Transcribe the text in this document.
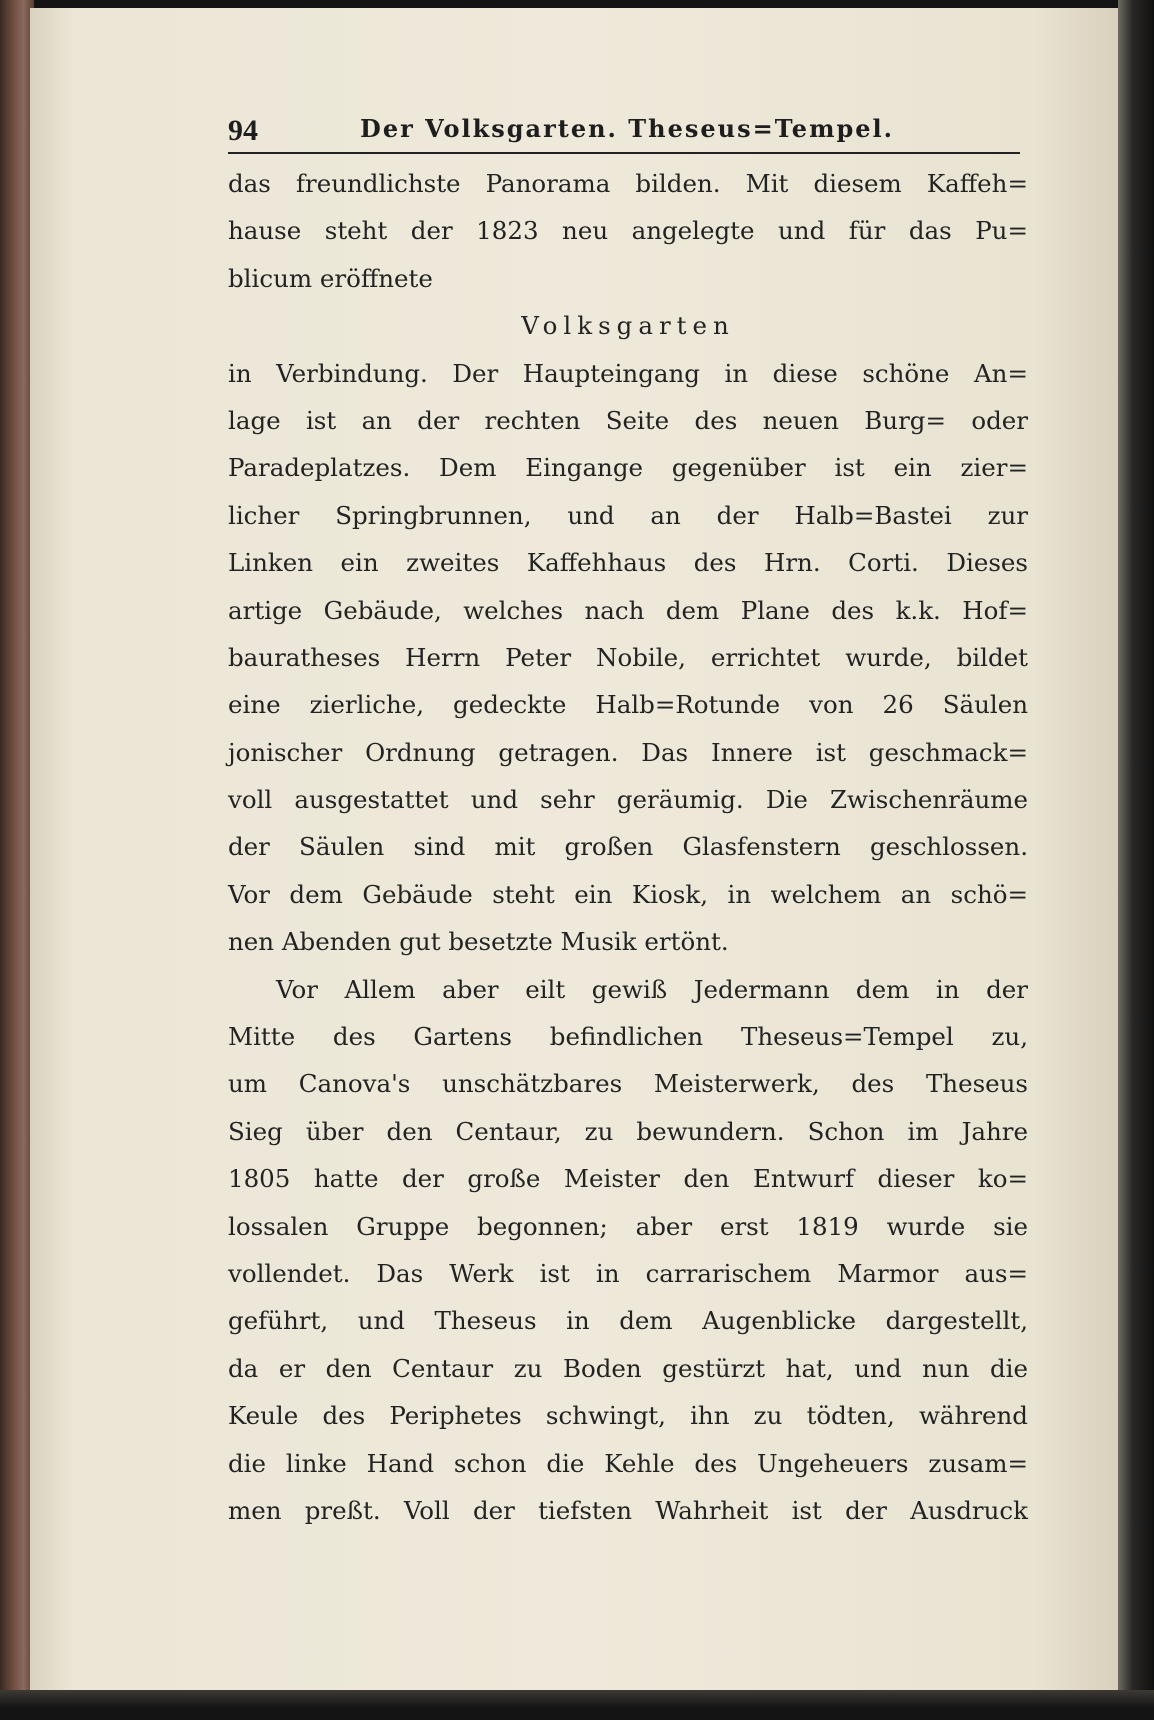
94	Der Volksgarten. Theseus=Tempel.
das freundlichste Panorama bilden. Mit diesem Kaffeh=
hause steht der 1823 neu angelegte und für das Pu=
blicum eröffnete
Volksgarten
in Verbindung. Der Haupteingang in diese schöne An=
lage ist an der rechten Seite des neuen Burg= oder
Paradeplatzes. Dem Eingange gegenüber ist ein zier=
licher Springbrunnen, und an der Halb=Bastei zur
Linken ein zweites Kaffehhaus des Hrn. Corti. Dieses
artige Gebäude, welches nach dem Plane des k.k. Hof=
bauratheses Herrn Peter Nobile, errichtet wurde, bildet
eine zierliche, gedeckte Halb=Rotunde von 26 Säulen
jonischer Ordnung getragen. Das Innere ist geschmack=
voll ausgestattet und sehr geräumig. Die Zwischenräume
der Säulen sind mit großen Glasfenstern geschlossen.
Vor dem Gebäude steht ein Kiosk, in welchem an schö=
nen Abenden gut besetzte Musik ertönt.
Vor Allem aber eilt gewiß Jedermann dem in der
Mitte des Gartens befindlichen Theseus=Tempel zu,
um Canova's unschätzbares Meisterwerk, des Theseus
Sieg über den Centaur, zu bewundern. Schon im Jahre
1805 hatte der große Meister den Entwurf dieser ko=
lossalen Gruppe begonnen; aber erst 1819 wurde sie
vollendet. Das Werk ist in carrarischem Marmor aus=
geführt, und Theseus in dem Augenblicke dargestellt,
da er den Centaur zu Boden gestürzt hat, und nun die
Keule des Periphetes schwingt, ihn zu tödten, während
die linke Hand schon die Kehle des Ungeheuers zusam=
men preßt. Voll der tiefsten Wahrheit ist der Ausdruck
